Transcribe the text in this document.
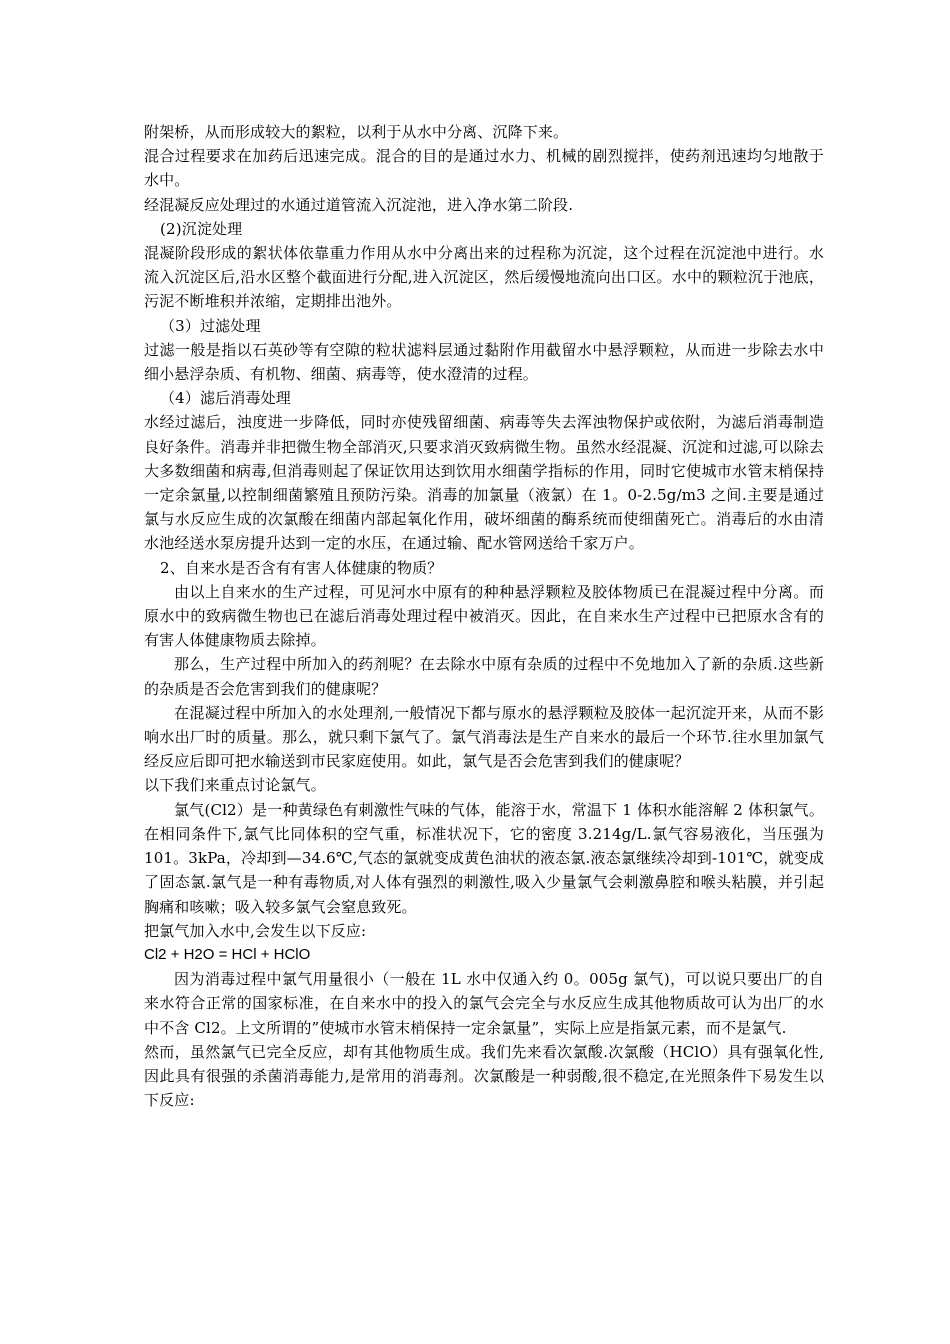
附架桥，从而形成较大的絮粒，以利于从水中分离、沉降下来。

混合过程要求在加药后迅速完成。混合的目的是通过水力、机械的剧烈搅拌，使药剂迅速均匀地散于水中。

经混凝反应处理过的水通过道管流入沉淀池，进入净水第二阶段.

(2)沉淀处理

混凝阶段形成的絮状体依靠重力作用从水中分离出来的过程称为沉淀，这个过程在沉淀池中进行。水流入沉淀区后,沿水区整个截面进行分配,进入沉淀区，然后缓慢地流向出口区。水中的颗粒沉于池底，污泥不断堆积并浓缩，定期排出池外。

（3）过滤处理

过滤一般是指以石英砂等有空隙的粒状滤料层通过黏附作用截留水中悬浮颗粒，从而进一步除去水中细小悬浮杂质、有机物、细菌、病毒等，使水澄清的过程。

（4）滤后消毒处理

水经过滤后，浊度进一步降低，同时亦使残留细菌、病毒等失去浑浊物保护或依附，为滤后消毒制造良好条件。消毒并非把微生物全部消灭,只要求消灭致病微生物。虽然水经混凝、沉淀和过滤,可以除去大多数细菌和病毒,但消毒则起了保证饮用达到饮用水细菌学指标的作用，同时它使城市水管末梢保持一定余氯量,以控制细菌繁殖且预防污染。消毒的加氯量（液氯）在 1。0-2.5g/m3 之间.主要是通过氯与水反应生成的次氯酸在细菌内部起氧化作用，破坏细菌的酶系统而使细菌死亡。消毒后的水由清水池经送水泵房提升达到一定的水压，在通过输、配水管网送给千家万户。

2、自来水是否含有有害人体健康的物质？

由以上自来水的生产过程，可见河水中原有的种种悬浮颗粒及胶体物质已在混凝过程中分离。而原水中的致病微生物也已在滤后消毒处理过程中被消灭。因此，在自来水生产过程中已把原水含有的有害人体健康物质去除掉。

那么，生产过程中所加入的药剂呢？在去除水中原有杂质的过程中不免地加入了新的杂质.这些新的杂质是否会危害到我们的健康呢？

在混凝过程中所加入的水处理剂,一般情况下都与原水的悬浮颗粒及胶体一起沉淀开来，从而不影响水出厂时的质量。那么，就只剩下氯气了。氯气消毒法是生产自来水的最后一个环节.往水里加氯气经反应后即可把水输送到市民家庭使用。如此，氯气是否会危害到我们的健康呢？

以下我们来重点讨论氯气。

氯气(Cl2）是一种黄绿色有刺激性气味的气体，能溶于水，常温下 1 体积水能溶解 2 体积氯气。在相同条件下,氯气比同体积的空气重，标准状况下，它的密度 3.214g/L.氯气容易液化，当压强为 101。3kPa，冷却到—34.6℃,气态的氯就变成黄色油状的液态氯.液态氯继续冷却到-101℃，就变成了固态氯.氯气是一种有毒物质,对人体有强烈的刺激性,吸入少量氯气会刺激鼻腔和喉头粘膜，并引起胸痛和咳嗽；吸入较多氯气会窒息致死。

把氯气加入水中,会发生以下反应:

Cl2 + H2O = HCl + HClO

因为消毒过程中氯气用量很小（一般在 1L 水中仅通入约 0。005g 氯气)，可以说只要出厂的自来水符合正常的国家标准，在自来水中的投入的氯气会完全与水反应生成其他物质故可认为出厂的水中不含 Cl2。上文所谓的”使城市水管末梢保持一定余氯量”，实际上应是指氯元素，而不是氯气.

然而，虽然氯气已完全反应，却有其他物质生成。我们先来看次氯酸.次氯酸（HClO）具有强氧化性,因此具有很强的杀菌消毒能力,是常用的消毒剂。次氯酸是一种弱酸,很不稳定,在光照条件下易发生以下反应:
